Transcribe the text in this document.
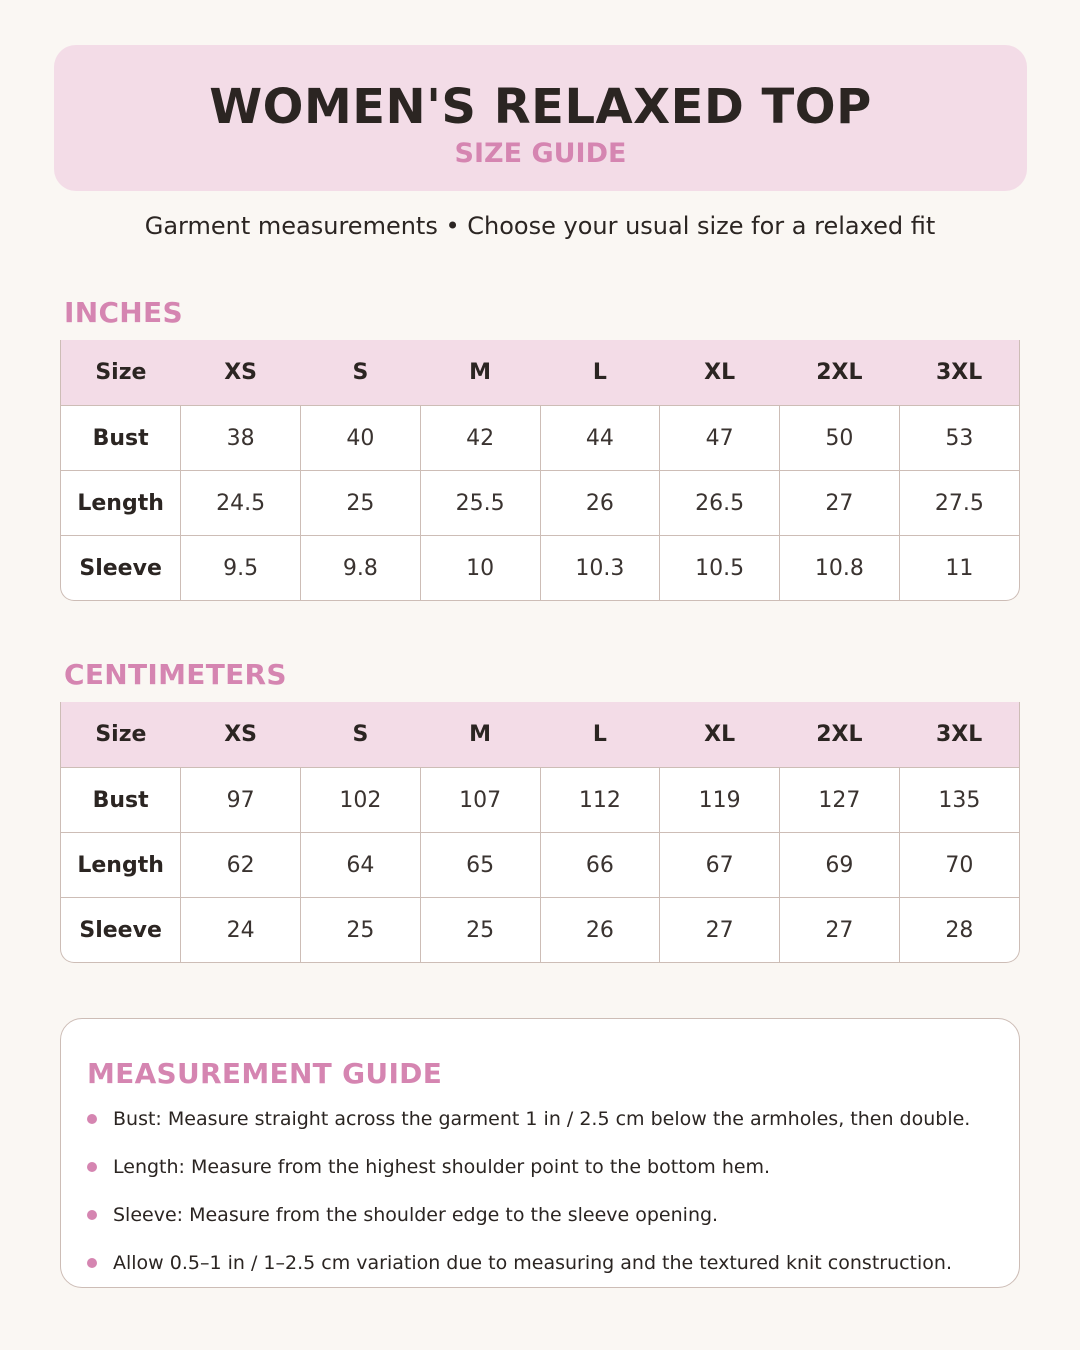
WOMEN'S RELAXED TOP
SIZE GUIDE
Garment measurements • Choose your usual size for a relaxed fit
INCHES
Size	XS	S	M	L	XL	2XL	3XL
Bust	38	40	42	44	47	50	53
Length	24.5	25	25.5	26	26.5	27	27.5
Sleeve	9.5	9.8	10	10.3	10.5	10.8	11
CENTIMETERS
Size	XS	S	M	L	XL	2XL	3XL
Bust	97	102	107	112	119	127	135
Length	62	64	65	66	67	69	70
Sleeve	24	25	25	26	27	27	28
MEASUREMENT GUIDE
Bust: Measure straight across the garment 1 in / 2.5 cm below the armholes, then double.
Length: Measure from the highest shoulder point to the bottom hem.
Sleeve: Measure from the shoulder edge to the sleeve opening.
Allow 0.5–1 in / 1–2.5 cm variation due to measuring and the textured knit construction.
